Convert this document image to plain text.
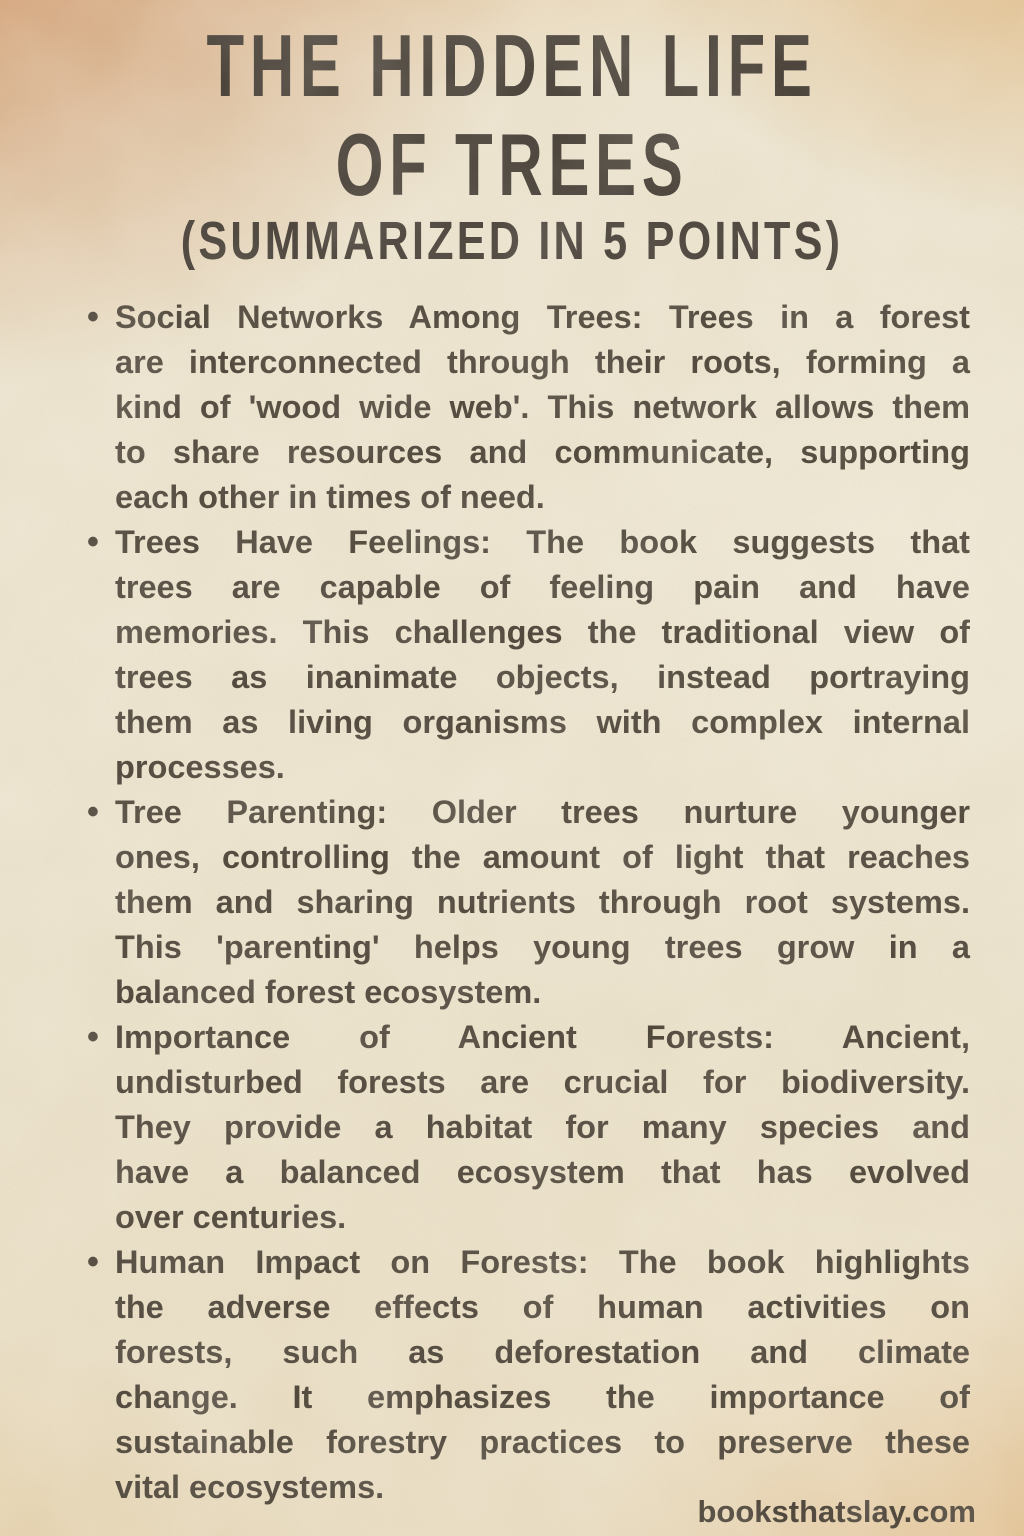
THE HIDDEN LIFE
OF TREES
(SUMMARIZED IN 5 POINTS)
• Social Networks Among Trees: Trees in a forest
are interconnected through their roots, forming a
kind of 'wood wide web'. This network allows them
to share resources and communicate, supporting
each other in times of need.
• Trees Have Feelings: The book suggests that
trees are capable of feeling pain and have
memories. This challenges the traditional view of
trees as inanimate objects, instead portraying
them as living organisms with complex internal
processes.
• Tree Parenting: Older trees nurture younger
ones, controlling the amount of light that reaches
them and sharing nutrients through root systems.
This 'parenting' helps young trees grow in a
balanced forest ecosystem.
• Importance of Ancient Forests: Ancient,
undisturbed forests are crucial for biodiversity.
They provide a habitat for many species and
have a balanced ecosystem that has evolved
over centuries.
• Human Impact on Forests: The book highlights
the adverse effects of human activities on
forests, such as deforestation and climate
change. It emphasizes the importance of
sustainable forestry practices to preserve these
vital ecosystems.
booksthatslay.com
